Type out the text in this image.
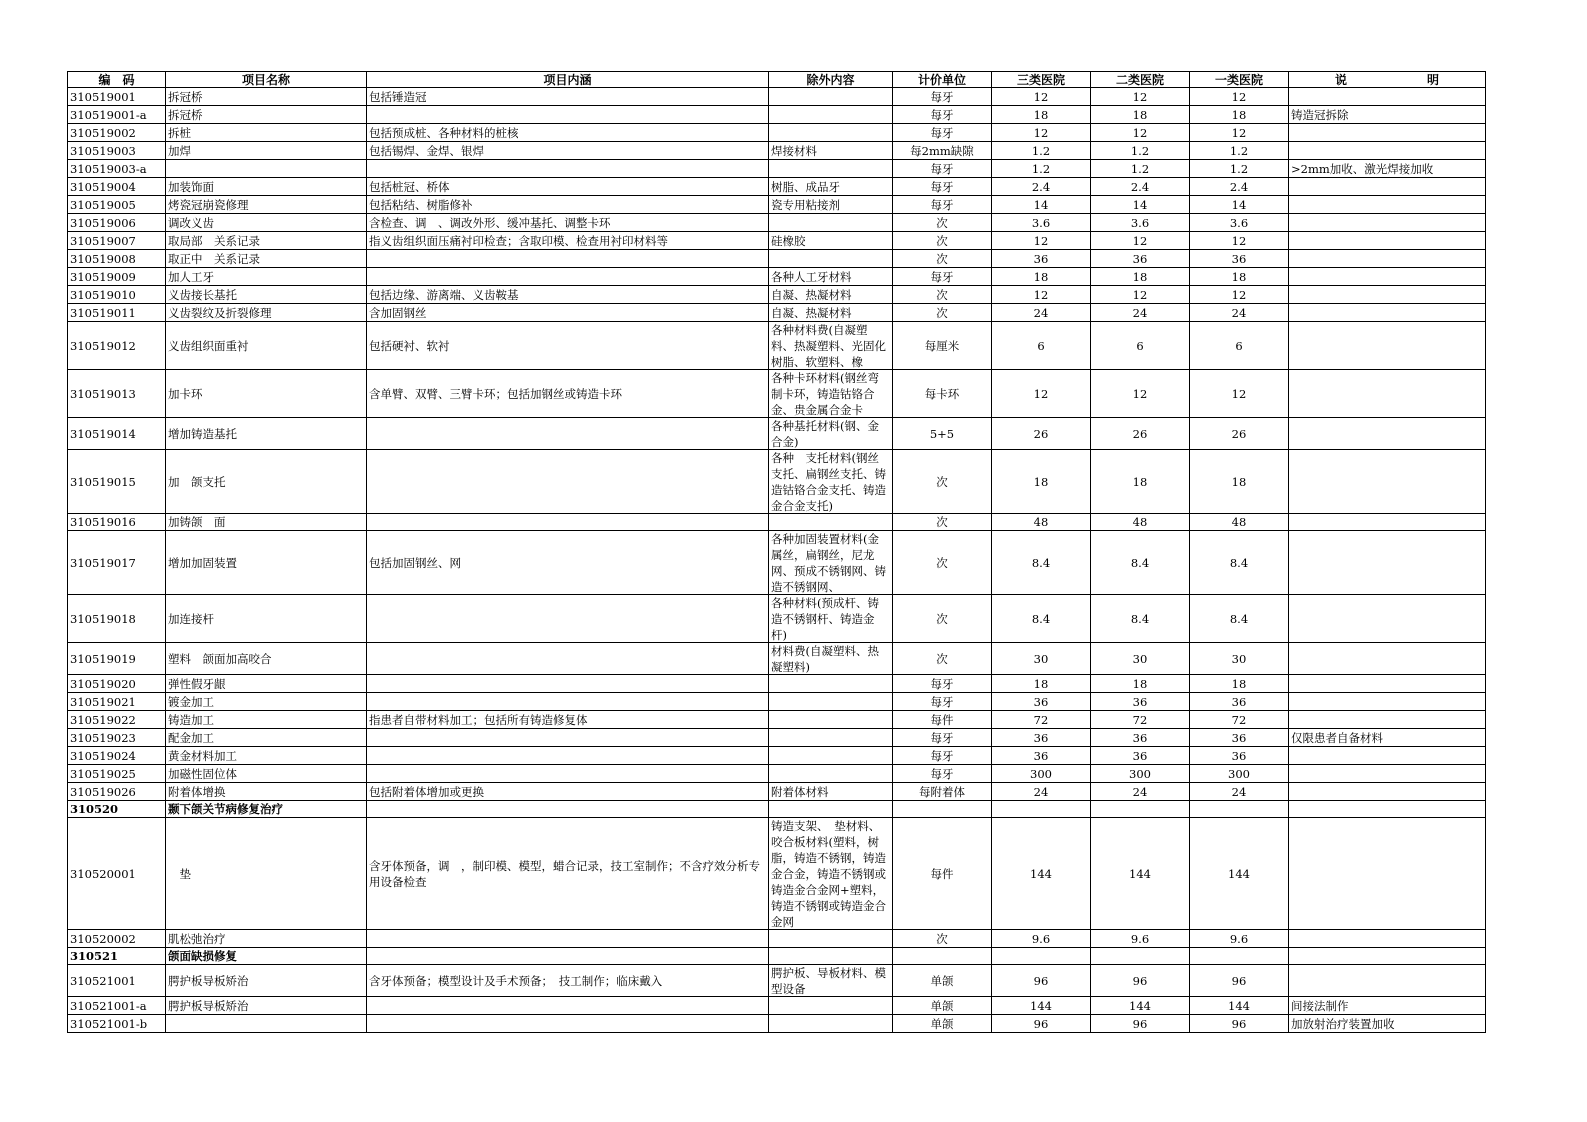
编　码	项目名称	项目内涵	除外内容	计价单位	三类医院	二类医院	一类医院	说 明
310519001	拆冠桥	包括锤造冠		每牙	12	12	12	
310519001-a	拆冠桥			每牙	18	18	18	铸造冠拆除
310519002	拆桩	包括预成桩、各种材料的桩核		每牙	12	12	12	
310519003	加焊	包括锡焊、金焊、银焊	焊接材料	每2mm缺隙	1.2	1.2	1.2	
310519003-a				每牙	1.2	1.2	1.2	>2mm加收、激光焊接加收
310519004	加装饰面	包括桩冠、桥体	树脂、成品牙	每牙	2.4	2.4	2.4	
310519005	烤瓷冠崩瓷修理	包括粘结、树脂修补	瓷专用粘接剂	每牙	14	14	14	
310519006	调改义齿	含检查、调　、调改外形、缓冲基托、调整卡环		次	3.6	3.6	3.6	
310519007	取局部　关系记录	指义齿组织面压痛衬印检查；含取印模、检查用衬印材料等	硅橡胶	次	12	12	12	
310519008	取正中　关系记录			次	36	36	36	
310519009	加人工牙		各种人工牙材料	每牙	18	18	18	
310519010	义齿接长基托	包括边缘、游离端、义齿鞍基	自凝、热凝材料	次	12	12	12	
310519011	义齿裂纹及折裂修理	含加固钢丝	自凝、热凝材料	次	24	24	24	
310519012	义齿组织面重衬	包括硬衬、软衬	各种材料费(自凝塑料、热凝塑料、光固化树脂、软塑料、橡	每厘米	6	6	6	
310519013	加卡环	含单臂、双臂、三臂卡环；包括加钢丝或铸造卡环	各种卡环材料(钢丝弯制卡环，铸造钴铬合金、贵金属合金卡	每卡环	12	12	12	
310519014	增加铸造基托		各种基托材料(钢、金合金)	5+5	26	26	26	
310519015	加　颌支托		各种　支托材料(钢丝支托、扁钢丝支托、铸造钴铬合金支托、铸造金合金支托)	次	18	18	18	
310519016	加铸颌　面			次	48	48	48	
310519017	增加加固装置	包括加固钢丝、网	各种加固装置材料(金属丝，扁钢丝，尼龙网、预成不锈钢网、铸造不锈钢网、	次	8.4	8.4	8.4	
310519018	加连接杆		各种材料(预成杆、铸造不锈钢杆、铸造金杆)	次	8.4	8.4	8.4	
310519019	塑料　颌面加高咬合		材料费(自凝塑料、热凝塑料)	次	30	30	30	
310519020	弹性假牙龈			每牙	18	18	18	
310519021	镀金加工			每牙	36	36	36	
310519022	铸造加工	指患者自带材料加工；包括所有铸造修复体		每件	72	72	72	
310519023	配金加工			每牙	36	36	36	仅限患者自备材料
310519024	黄金材料加工			每牙	36	36	36	
310519025	加磁性固位体			每牙	300	300	300	
310519026	附着体增换	包括附着体增加或更换	附着体材料	每附着体	24	24	24	
310520	颞下颌关节病修复治疗							
310520001	　垫	含牙体预备，调　，制印模、模型，蜡合记录，技工室制作；不含疗效分析专用设备检查	铸造支架、　垫材料、咬合板材料(塑料，树脂，铸造不锈钢，铸造金合金，铸造不锈钢或铸造金合金网+塑料，铸造不锈钢或铸造金合金网	每件	144	144	144	
310520002	肌松弛治疗			次	9.6	9.6	9.6	
310521	颌面缺损修复							
310521001	腭护板导板矫治	含牙体预备；模型设计及手术预备；　技工制作；临床戴入	腭护板、导板材料、模型设备	单颌	96	96	96	
310521001-a	腭护板导板矫治			单颌	144	144	144	间接法制作
310521001-b				单颌	96	96	96	加放射治疗装置加收
